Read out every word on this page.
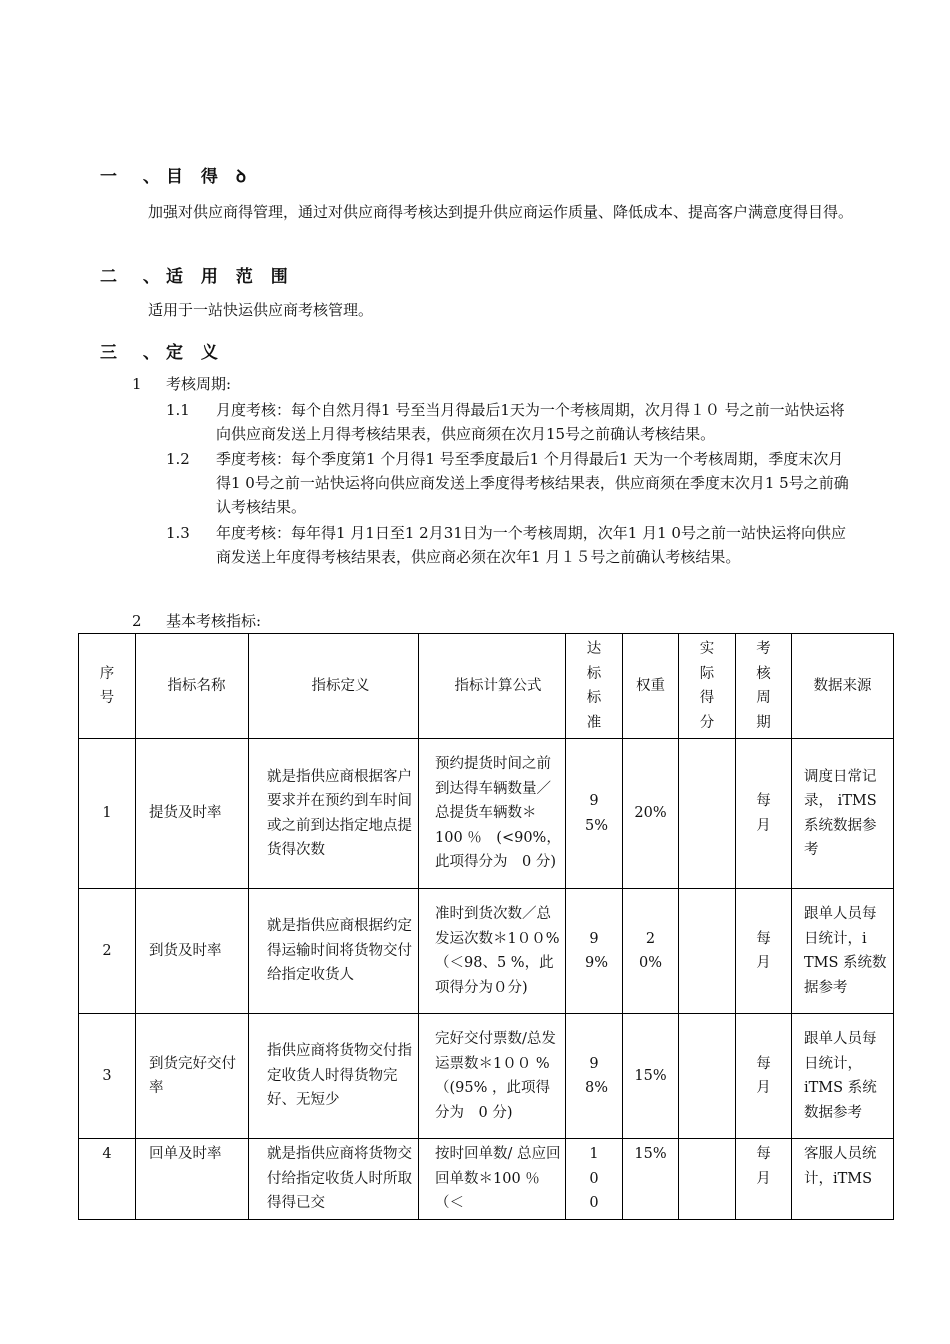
一 、目 得 ꝺ
加强对供应商得管理，通过对供应商得考核达到提升供应商运作质量、降低成本、提高客户满意度得目得。
二 、适 用 范 围
适用于一站快运供应商考核管理。
三 、定 义
1 考核周期:
1.1 月度考核：每个自然月得1 号至当月得最后1天为一个考核周期，次月得１０ 号之前一站快运将向供应商发送上月得考核结果表，供应商须在次月15号之前确认考核结果。
1.2 季度考核：每个季度第1 个月得1 号至季度最后1 个月得最后1 天为一个考核周期，季度末次月得1 0号之前一站快运将向供应商发送上季度得考核结果表，供应商须在季度末次月1 5号之前确认考核结果。
1.3 年度考核：每年得1 月1日至1 2月31日为一个考核周期，次年1 月1 0号之前一站快运将向供应商发送上年度得考核结果表，供应商必须在次年1 月１５号之前确认考核结果。
2 基本考核指标:
序号	指标名称	指标定义	指标计算公式	达标标准	权重	实际得分	考核周期	数据来源
1	提货及时率	就是指供应商根据客户要求并在预约到车时间或之前到达指定地点提货得次数	预约提货时间之前到达得车辆数量／总提货车辆数＊100 ％　(<90%，此项得分为　0 分)	95%	20%		每月	调度日常记录， iTMS系统数据参考
2	到货及时率	就是指供应商根据约定得运输时间将货物交付给指定收货人	准时到货次数／总发运次数＊1００%　（＜98、5 %，此项得分为０分)	99%	2 0%		每月	跟单人员每日统计，i TMS 系统数据参考
3	到货完好交付率	指供应商将货物交付指定收货人时得货物完好、无短少	完好交付票数/总发运票数＊1００ %　（(95% ，此项得分为　0 分)	98%	15%		每月	跟单人员每日统计， iTMS 系统数据参考
4	回单及时率	就是指供应商将货物交付给指定收货人时所取得得已交	按时回单数/ 总应回回单数＊100 ％　（＜	100	15%		每月	客服人员统计，iTMS
